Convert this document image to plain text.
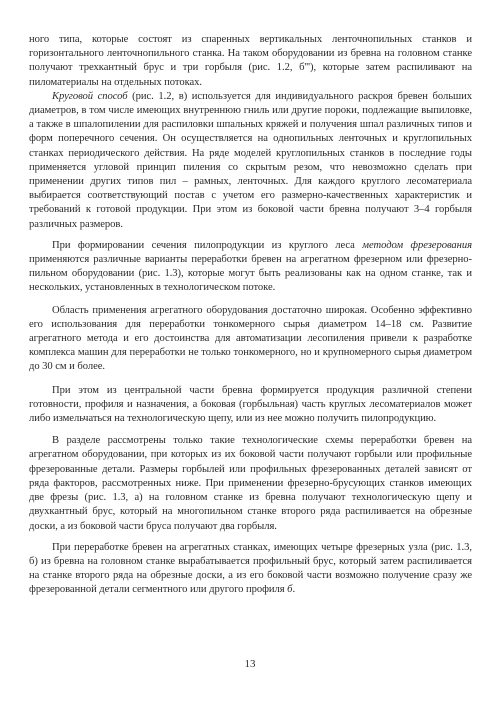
ного типа, которые состоят из спаренных вертикальных ленточнопильных станков и горизонтального ленточнопильного станка. На таком оборудовании из бревна на головном станке получают трехкантный брус и три горбыля (рис. 1.2, б'''), которые затем распиливают на пиломатериалы на отдельных потоках.

Круговой способ (рис. 1.2, в) используется для индивидуального раскроя бревен больших диаметров, в том числе имеющих внутреннюю гниль или другие пороки, подлежащие выпиловке, а также в шпалопилении для распиловки шпальных кряжей и получения шпал различных типов и форм поперечного сечения. Он осуществляется на однопильных ленточных и круглопильных станках периодического действия. На ряде моделей круглопильных станков в последние годы применяется угловой принцип пиления со скрытым резом, что невозможно сделать при применении других типов пил – рамных, ленточных. Для каждого круглого лесоматериала выбирается соответствующий постав с учетом его размерно-качественных характеристик и требований к готовой продукции. При этом из боковой части бревна получают 3–4 горбыля различных размеров.

При формировании сечения пилопродукции из круглого леса методом фрезерования применяются различные варианты переработки бревен на агрегатном фрезерном или фрезерно-пильном оборудовании (рис. 1.3), которые могут быть реализованы как на одном станке, так и нескольких, установленных в технологическом потоке.

Область применения агрегатного оборудования достаточно широкая. Особенно эффективно его использования для переработки тонкомерного сырья диаметром 14–18 см. Развитие агрегатного метода и его достоинства для автоматизации лесопиления привели к разработке комплекса машин для переработки не только тонкомерного, но и крупномерного сырья диаметром до 30 см и более.

При этом из центральной части бревна формируется продукция различной степени готовности, профиля и назначения, а боковая (горбыльная) часть круглых лесоматериалов может либо измельчаться на технологическую щепу, или из нее можно получить пилопродукцию.

В разделе рассмотрены только такие технологические схемы переработки бревен на агрегатном оборудовании, при которых из их боковой части получают горбыли или профильные фрезерованные детали. Размеры горбылей или профильных фрезерованных деталей зависят от ряда факторов, рассмотренных ниже. При применении фрезерно-брусующих станков имеющих две фрезы (рис. 1.3, а) на головном станке из бревна получают технологическую щепу и двухкантный брус, который на многопильном станке второго ряда распиливается на обрезные доски, а из боковой части бруса получают два горбыля.

При переработке бревен на агрегатных станках, имеющих четыре фрезерных узла (рис. 1.3, б) из бревна на головном станке вырабатывается профильный брус, который затем распиливается на станке второго ряда на обрезные доски, а из его боковой части возможно получение сразу же фрезерованной детали сегментного или другого профиля б.

13
